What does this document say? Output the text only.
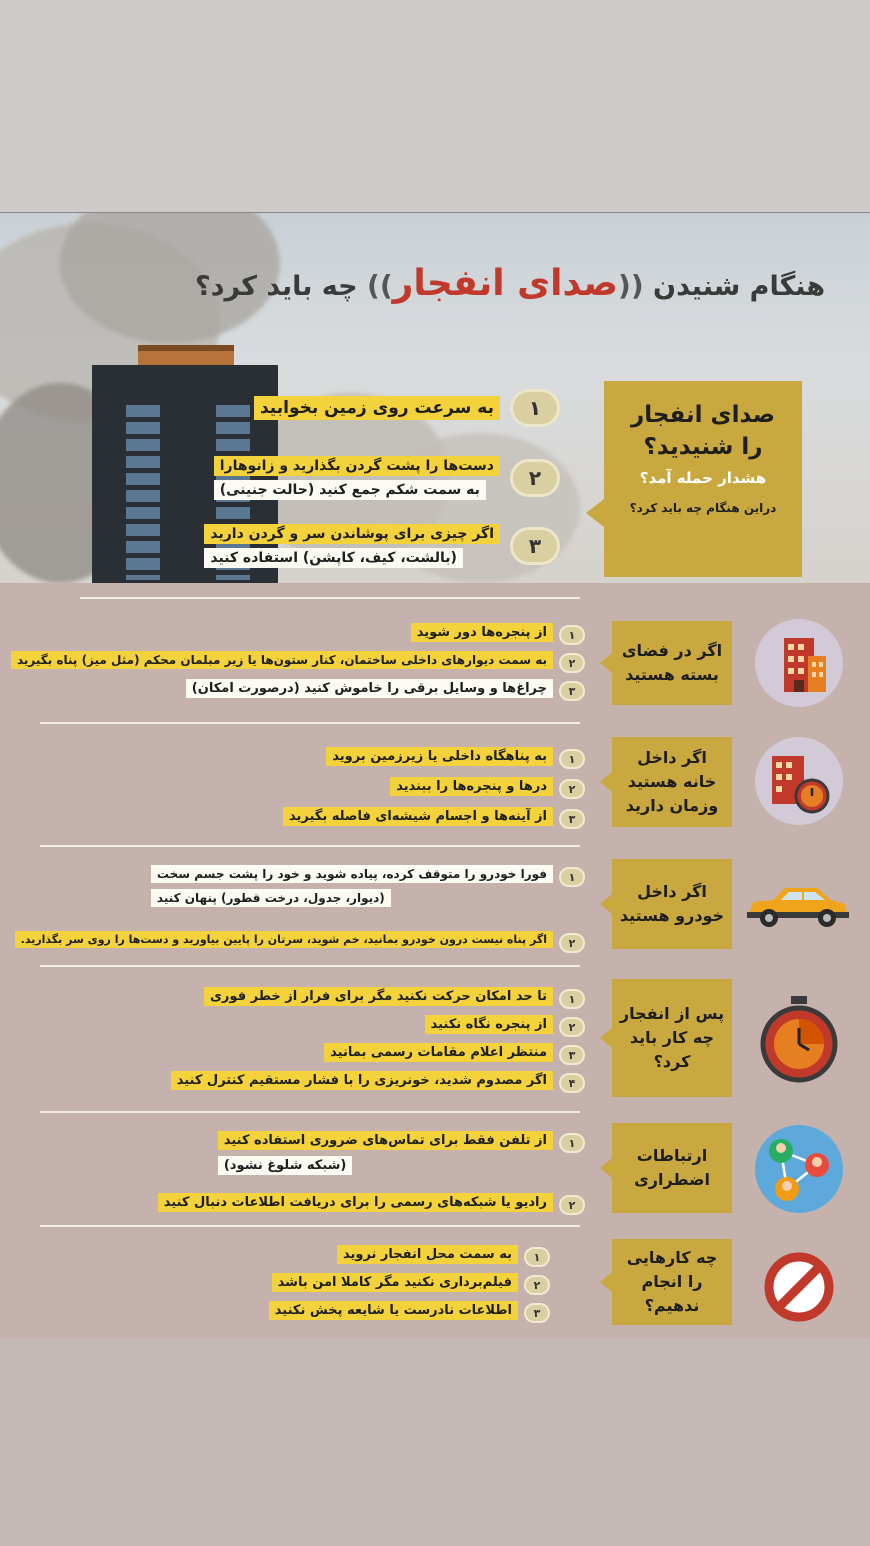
هنگام شنیدن ((صدای انفجار)) چه باید کرد؟
صدای انفجار
را شنیدید؟
هشدار حمله آمد؟
دراین هنگام چه باید کرد؟
۱
به سرعت روی زمین بخوابید
۲
دست‌ها را پشت گردن بگذارید و زانوهارا
به سمت شکم جمع کنید (حالت جنینی)
۳
اگر چیزی برای پوشاندن سر و گردن دارید
(بالشت، کیف، کاپشن) استفاده کنید
اگر در فضای بسته هستید
۱
از پنجره‌ها دور شوید
۲
به سمت دیوارهای داخلی ساختمان، کنار ستون‌ها یا زیر مبلمان محکم (مثل میز) پناه بگیرید
۳
چراغ‌ها و وسایل برقی را خاموش کنید (درصورت امکان)
اگر داخل خانه هستید وزمان دارید
۱
به پناهگاه داخلی یا زیرزمین بروید
۲
درها و پنجره‌ها را ببندید
۳
از آینه‌ها و اجسام شیشه‌ای فاصله بگیرید
اگر داخل خودرو هستید
۱
فورا خودرو را متوقف کرده، پیاده شوید و خود را پشت جسم سخت
(دیوار، جدول، درخت قطور) پنهان کنید
۲
اگر پناه نیست درون خودرو بمانید، خم شوید، سرتان را پایین بیاورید و دست‌ها را روی سر بگذارید.
پس از انفجار چه کار باید کرد؟
۱
تا حد امکان حرکت نکنید مگر برای فرار از خطر فوری
۲
از پنجره نگاه نکنید
۳
منتظر اعلام مقامات رسمی بمانید
۴
اگر مصدوم شدید، خونریزی را با فشار مستقیم کنترل کنید
ارتباطات اضطراری
۱
از تلفن فقط برای تماس‌های ضروری استفاده کنید
(شبکه شلوغ نشود)
۲
رادیو یا شبکه‌های رسمی را برای دریافت اطلاعات دنبال کنید
چه کارهایی را انجام ندهیم؟
۱
به سمت محل انفجار نروید
۲
فیلم‌برداری نکنید مگر کاملا امن باشد
۳
اطلاعات نادرست یا شایعه پخش نکنید
